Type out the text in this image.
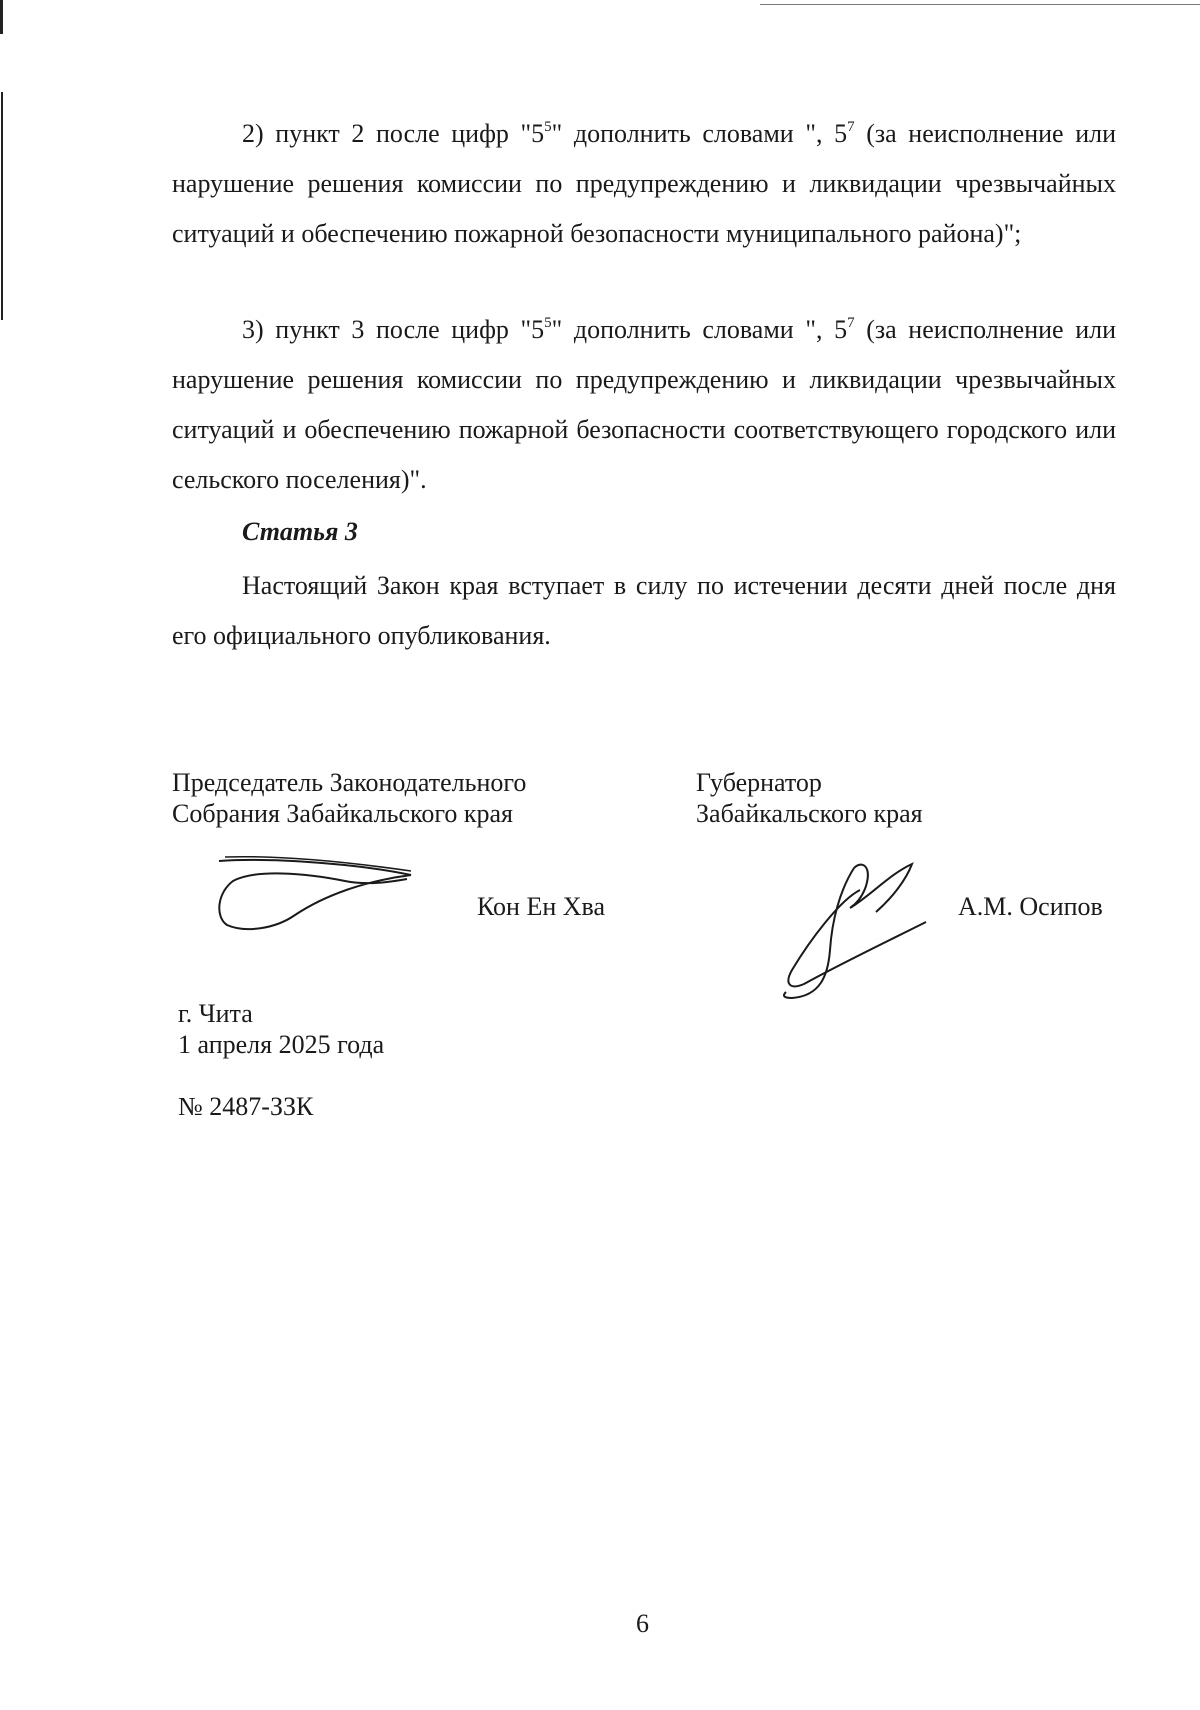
2) пункт 2 после цифр "$5^5$" дополнить словами ", $5^7$ (за неисполнение или нарушение решения комиссии по предупреждению и ликвидации чрезвычайных ситуаций и обеспечению пожарной безопасности муниципального района)";

3) пункт 3 после цифр "$5^5$" дополнить словами ", $5^7$ (за неисполнение или нарушение решения комиссии по предупреждению и ликвидации чрезвычайных ситуаций и обеспечению пожарной безопасности соответствующего городского или сельского поселения)".

Статья 3

Настоящий Закон края вступает в силу по истечении десяти дней после дня его официального опубликования.

Председатель Законодательного
Собрания Забайкальского края
Кон Ен Хва
Губернатор
Забайкальского края
А.М. Осипов
г. Чита
1 апреля 2025 года
№ 2487-ЗЗК
6
